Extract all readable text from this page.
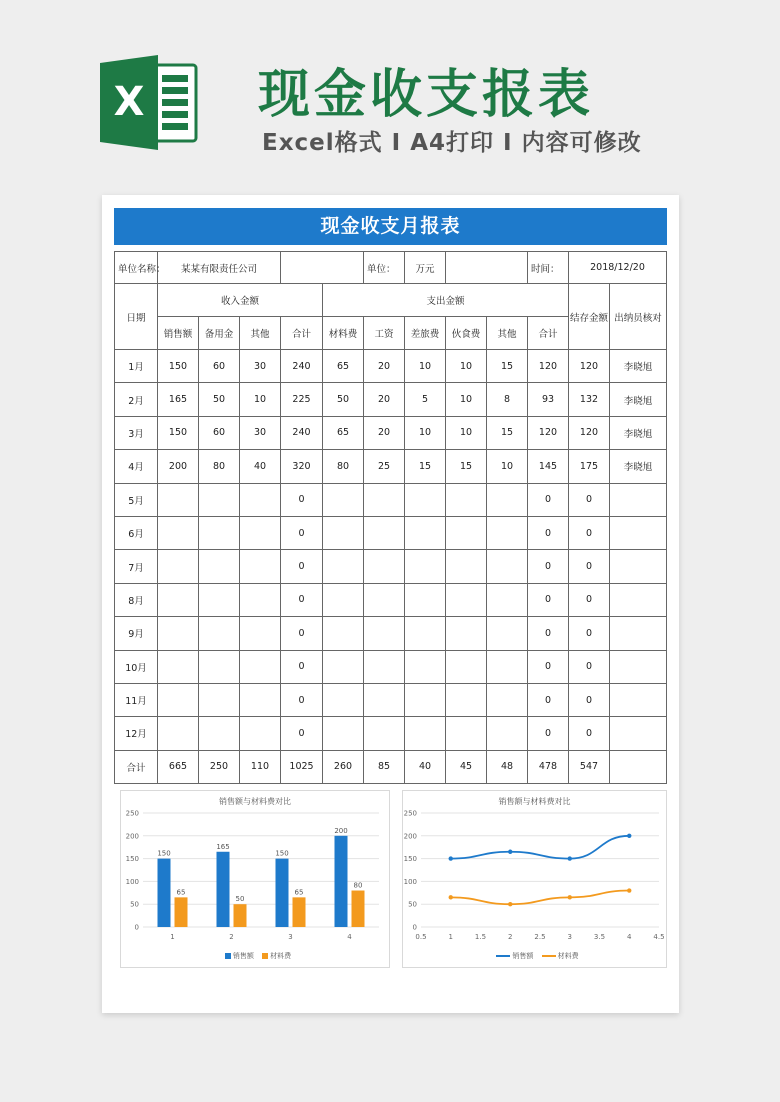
X 现金收支报表
Excel格式 I A4打印 I 内容可修改
现金收支月报表
单位名称：	某某有限责任公司					单位：	万元			时间：	2018/12/20	
日期	收入金额				支出金额						结存金额	出纳员核对
	销售额	备用金	其他	合计	材料费	工资	差旅费	伙食费	其他	合计		
1月	150	60	30	240	65	20	10	10	15	120	120	李晓旭
2月	165	50	10	225	50	20	5	10	8	93	132	李晓旭
3月	150	60	30	240	65	20	10	10	15	120	120	李晓旭
4月	200	80	40	320	80	25	15	15	10	145	175	李晓旭
5月				0						0	0	
6月				0						0	0	
7月				0						0	0	
8月				0						0	0	
9月				0						0	0	
10月				0						0	0	
11月				0						0	0	
12月				0						0	0	
合计	665	250	110	1025	260	85	40	45	48	478	547	
销售额与材料费对比
0
50
100
150
200
250
150
65
1
165
50
2
150
65
3
200
80
4
销售额 材料费
销售额与材料费对比
0
50
100
150
200
250
0.5	1	1.5	2	2.5	3	3.5	4	4.5
销售额	材料费
